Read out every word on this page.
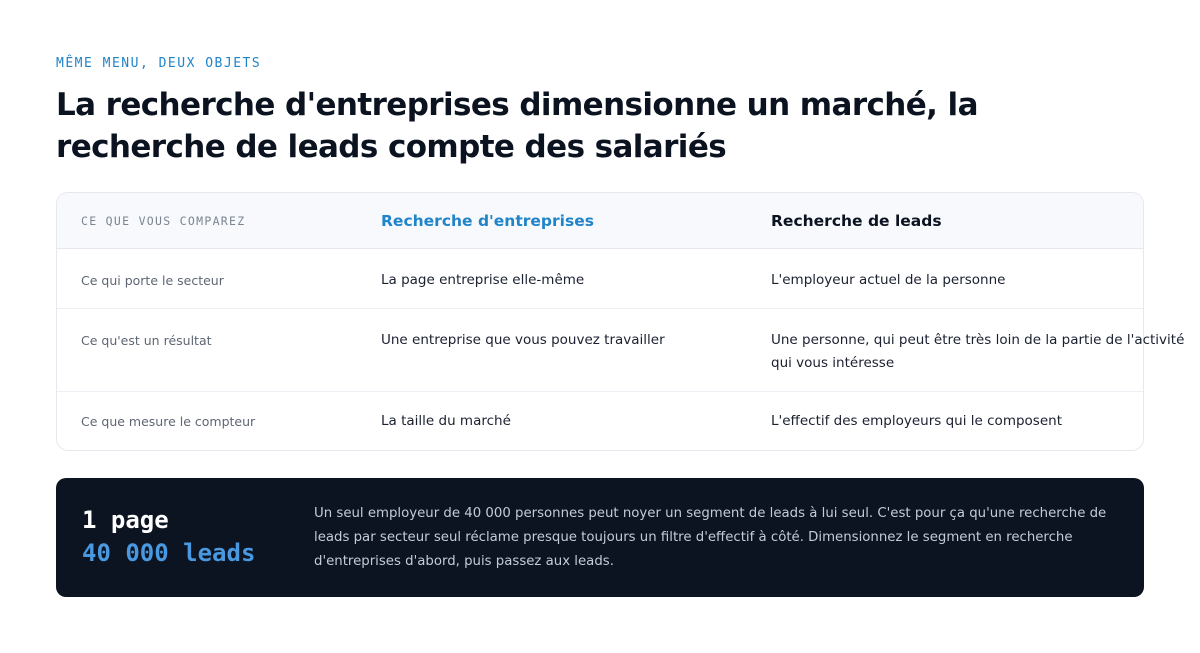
MÊME MENU, DEUX OBJETS
La recherche d'entreprises dimensionne un marché, la recherche de leads compte des salariés
CE QUE VOUS COMPAREZ	Recherche d'entreprises	Recherche de leads
Ce qui porte le secteur	La page entreprise elle-même	L'employeur actuel de la personne
Ce qu'est un résultat	Une entreprise que vous pouvez travailler	Une personne, qui peut être très loin de la partie de l'activité qui vous intéresse
Ce que mesure le compteur	La taille du marché	L'effectif des employeurs qui le composent
1 page
40 000 leads

Un seul employeur de 40 000 personnes peut noyer un segment de leads à lui seul. C'est pour ça qu'une recherche de leads par secteur seul réclame presque toujours un filtre d'effectif à côté. Dimensionnez le segment en recherche d'entreprises d'abord, puis passez aux leads.
